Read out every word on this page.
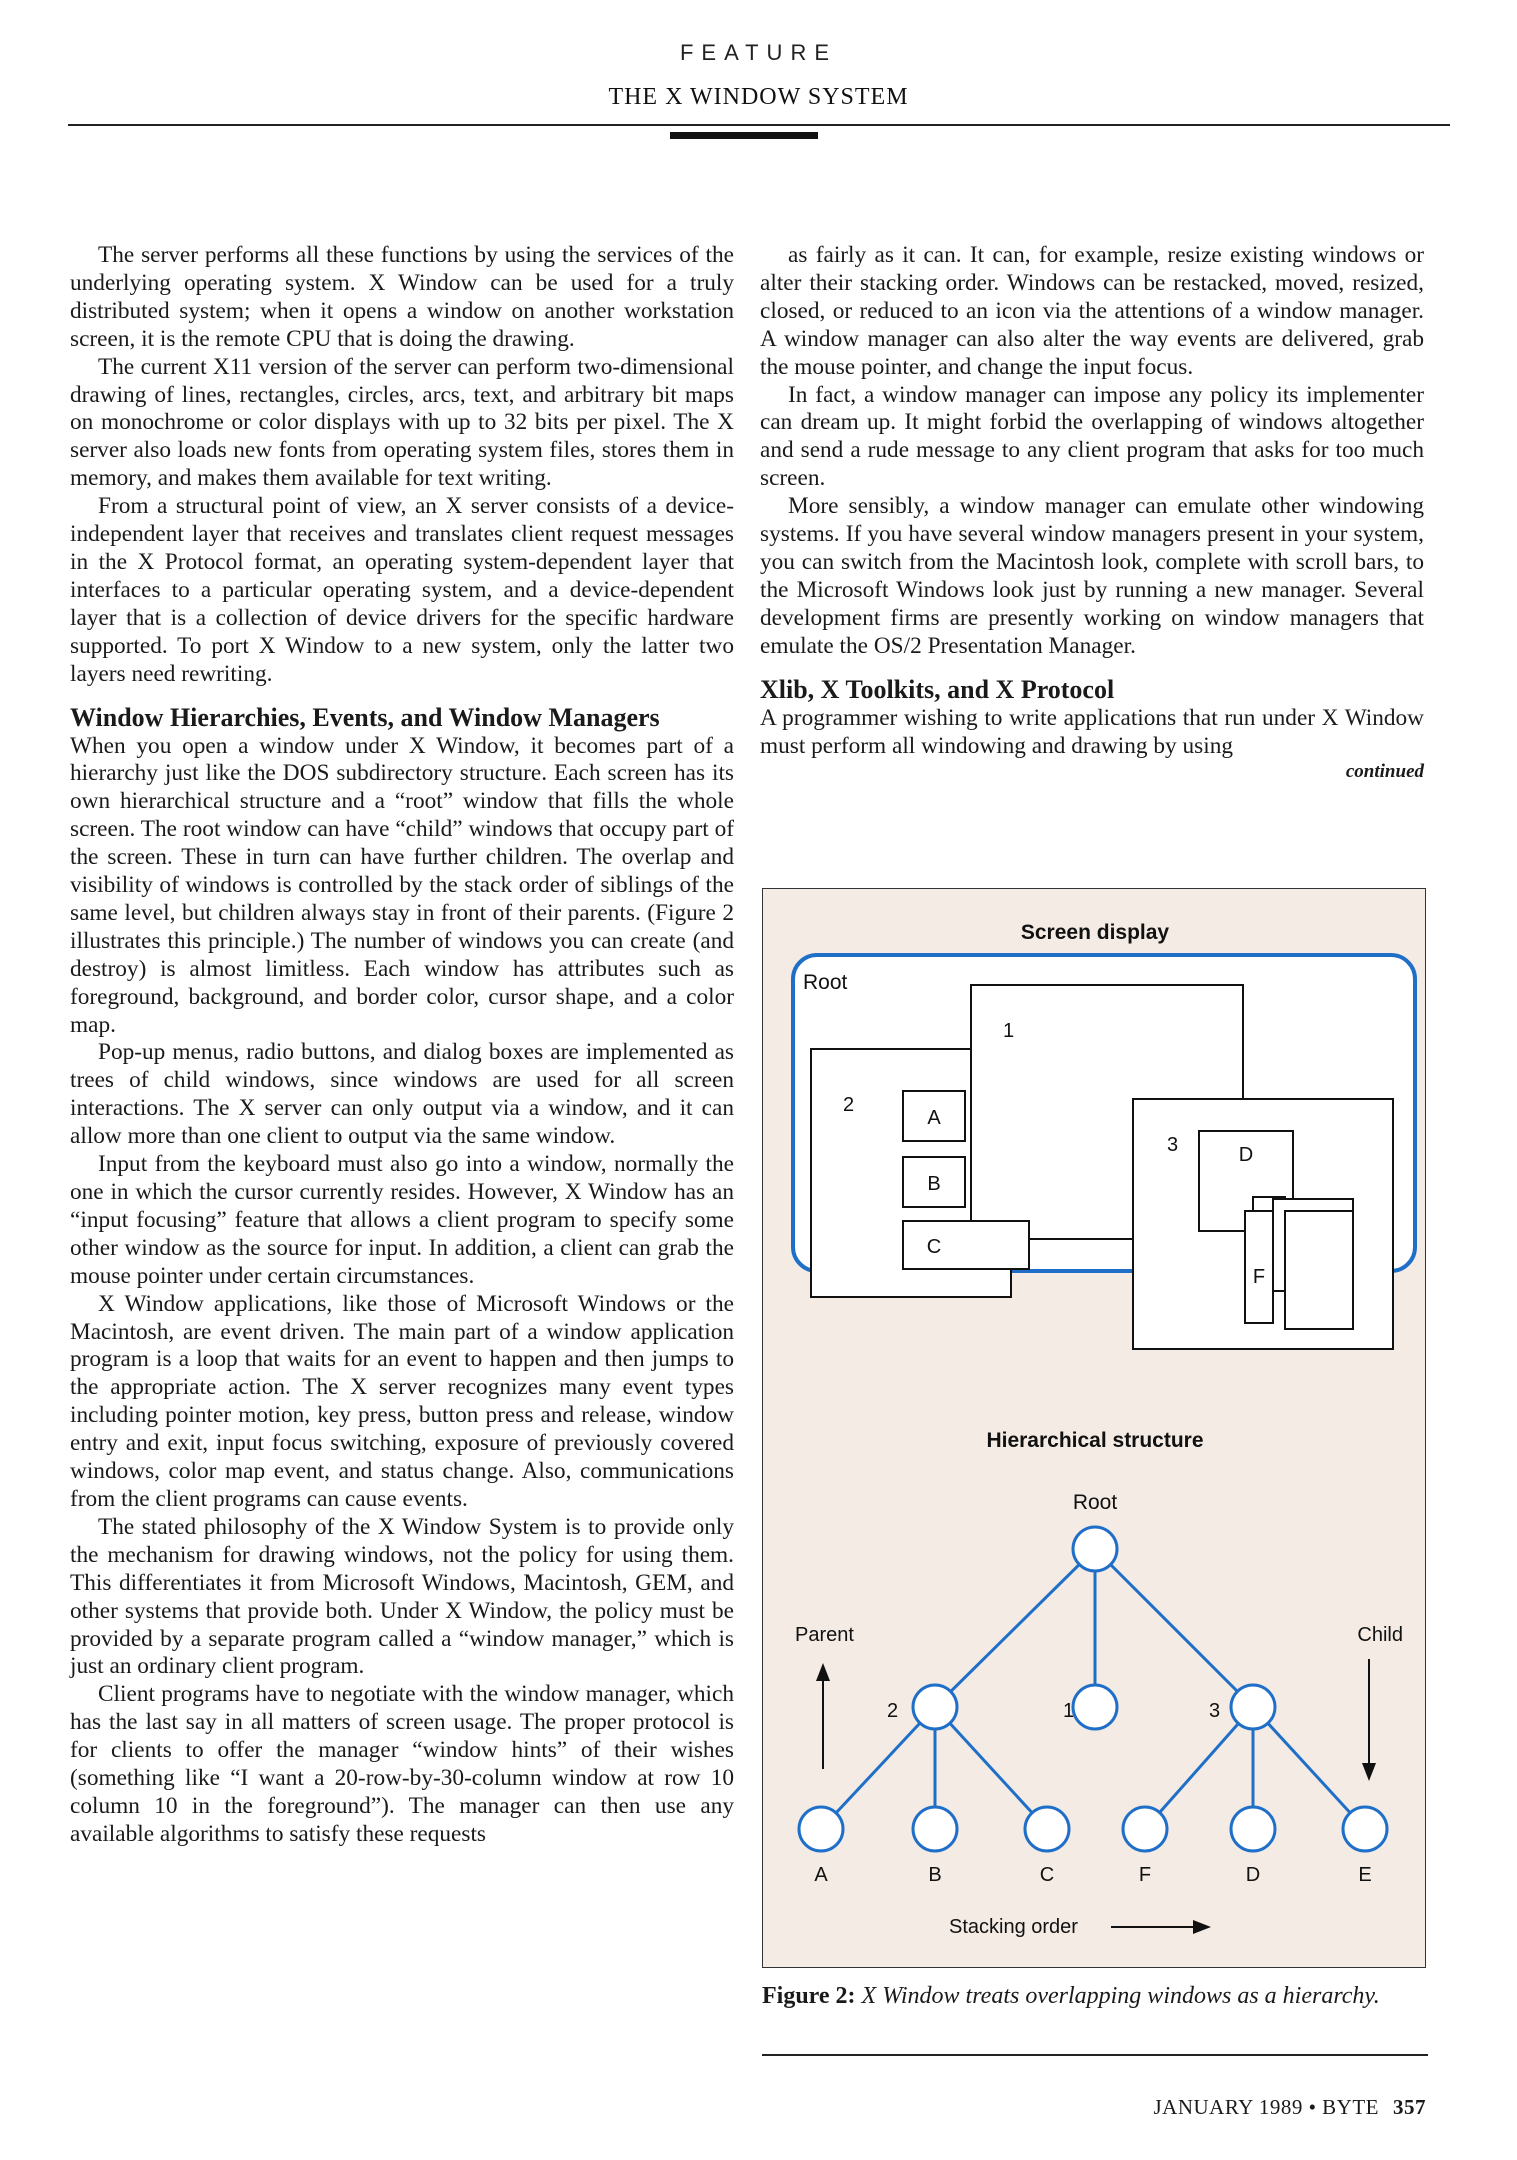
FEATURE
THE X WINDOW SYSTEM

The server performs all these functions by using the services of the underlying operating system. X Window can be used for a truly distributed system; when it opens a window on another workstation screen, it is the remote CPU that is doing the drawing.

The current X11 version of the server can perform two-dimensional drawing of lines, rectangles, circles, arcs, text, and arbitrary bit maps on monochrome or color displays with up to 32 bits per pixel. The X server also loads new fonts from operating system files, stores them in memory, and makes them available for text writing.

From a structural point of view, an X server consists of a device-independent layer that receives and translates client request messages in the X Protocol format, an operating system-dependent layer that interfaces to a particular operating system, and a device-dependent layer that is a collection of device drivers for the specific hardware supported. To port X Window to a new system, only the latter two layers need rewriting.

Window Hierarchies, Events, and Window Managers

When you open a window under X Window, it becomes part of a hierarchy just like the DOS subdirectory structure. Each screen has its own hierarchical structure and a “root” window that fills the whole screen. The root window can have “child” windows that occupy part of the screen. These in turn can have further children. The overlap and visibility of windows is controlled by the stack order of siblings of the same level, but children always stay in front of their parents. (Figure 2 illustrates this principle.) The number of windows you can create (and destroy) is almost limitless. Each window has attributes such as foreground, background, and border color, cursor shape, and a color map.

Pop-up menus, radio buttons, and dialog boxes are implemented as trees of child windows, since windows are used for all screen interactions. The X server can only output via a window, and it can allow more than one client to output via the same window.

Input from the keyboard must also go into a window, normally the one in which the cursor currently resides. However, X Window has an “input focusing” feature that allows a client program to specify some other window as the source for input. In addition, a client can grab the mouse pointer under certain circumstances.

X Window applications, like those of Microsoft Windows or the Macintosh, are event driven. The main part of a window application program is a loop that waits for an event to happen and then jumps to the appropriate action. The X server recognizes many event types including pointer motion, key press, button press and release, window entry and exit, input focus switching, exposure of previously covered windows, color map event, and status change. Also, communications from the client programs can cause events.

The stated philosophy of the X Window System is to provide only the mechanism for drawing windows, not the policy for using them. This differentiates it from Microsoft Windows, Macintosh, GEM, and other systems that provide both. Under X Window, the policy must be provided by a separate program called a “window manager,” which is just an ordinary client program.

Client programs have to negotiate with the window manager, which has the last say in all matters of screen usage. The proper protocol is for clients to offer the manager “window hints” of their wishes (something like “I want a 20-row-by-30-column window at row 10 column 10 in the foreground”). The manager can then use any available algorithms to satisfy these requests

as fairly as it can. It can, for example, resize existing windows or alter their stacking order. Windows can be restacked, moved, resized, closed, or reduced to an icon via the attentions of a window manager. A window manager can also alter the way events are delivered, grab the mouse pointer, and change the input focus.

In fact, a window manager can impose any policy its implementer can dream up. It might forbid the overlapping of windows altogether and send a rude message to any client program that asks for too much screen.

More sensibly, a window manager can emulate other windowing systems. If you have several window managers present in your system, you can switch from the Macintosh look, complete with scroll bars, to the Microsoft Windows look just by running a new manager. Several development firms are presently working on window managers that emulate the OS/2 Presentation Manager.

Xlib, X Toolkits, and X Protocol

A programmer wishing to write applications that run under X Window must perform all windowing and drawing by using

continued
Screen display
Root
2
1
A
B
C
3	D
F
Hierarchical structure
Root
2	1	3
A	B	C	F	D	E
Parent	Child
Stacking order
Figure 2: X Window treats overlapping windows as a hierarchy.
JANUARY 1989 • BYTE 357
